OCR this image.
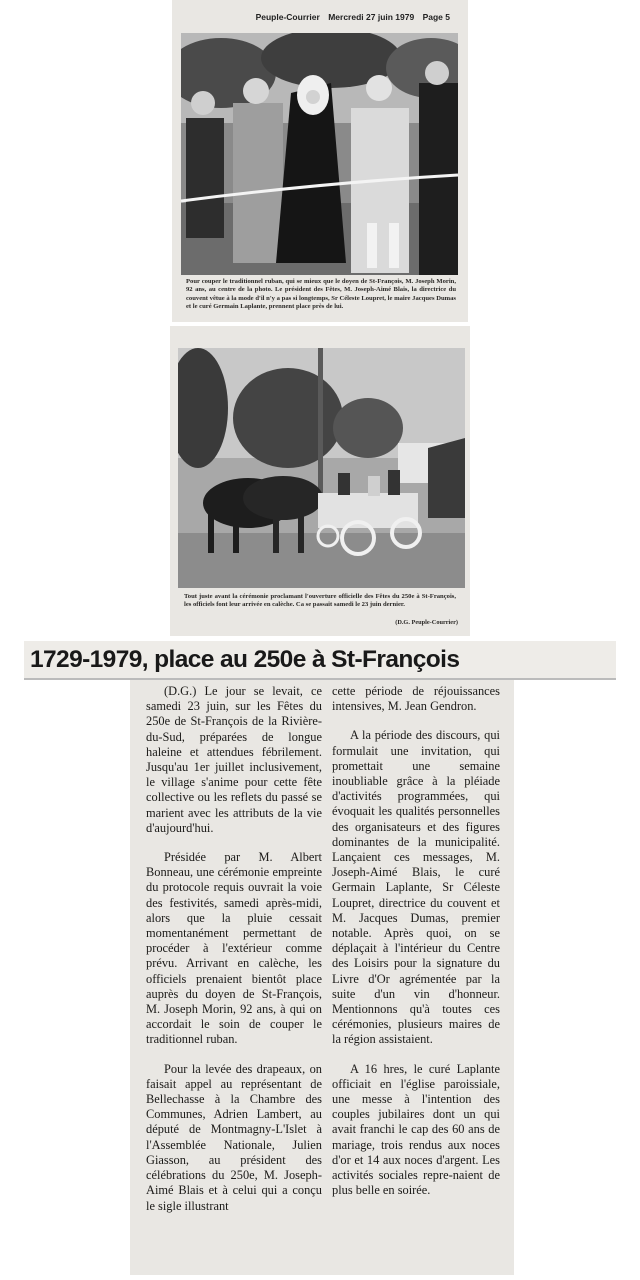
Peuple-Courrier Mercredi 27 juin 1979 Page 5
Pour couper le traditionnel ruban, qui se mieux que le doyen de St-François, M. Joseph Morin, 92 ans, au centre de la photo. Le président des Fêtes, M. Joseph-Aimé Blais, la directrice du couvent vêtue à la mode d'il n'y a pas si longtemps, Sr Céleste Loupret, le maire Jacques Dumas et le curé Germain Laplante, prennent place près de lui.
Tout juste avant la cérémonie proclamant l'ouverture officielle des Fêtes du 250e à St-François, les officiels font leur arrivée en calèche. Ca se passait samedi le 23 juin dernier.
(D.G. Peuple-Courrier)
1729-1979, place au 250e à St-François

(D.G.) Le jour se levait, ce samedi 23 juin, sur les Fêtes du 250e de St-François de la Rivière-du-Sud, préparées de longue haleine et attendues fébrilement. Jusqu'au 1er juillet inclusivement, le village s'anime pour cette fête collective ou les reflets du passé se marient avec les attributs de la vie d'aujourd'hui.

Présidée par M. Albert Bonneau, une cérémonie empreinte du protocole requis ouvrait la voie des festivités, samedi après-midi, alors que la pluie cessait momentanément permettant de procéder à l'extérieur comme prévu. Arrivant en calèche, les officiels prenaient bientôt place auprès du doyen de St-François, M. Joseph Morin, 92 ans, à qui on accordait le soin de couper le traditionnel ruban.

Pour la levée des drapeaux, on faisait appel au représentant de Bellechasse à la Chambre des Communes, Adrien Lambert, au député de Montmagny-L'Islet à l'Assemblée Nationale, Julien Giasson, au président des célébrations du 250e, M. Joseph-Aimé Blais et à celui qui a conçu le sigle illustrant

cette période de réjouissances intensives, M. Jean Gendron.

A la période des discours, qui formulait une invitation, qui promettait une semaine inoubliable grâce à la pléiade d'activités programmées, qui évoquait les qualités personnelles des organisateurs et des figures dominantes de la municipalité. Lançaient ces messages, M. Joseph-Aimé Blais, le curé Germain Laplante, Sr Céleste Loupret, directrice du couvent et M. Jacques Dumas, premier notable. Après quoi, on se déplaçait à l'intérieur du Centre des Loisirs pour la signature du Livre d'Or agrémentée par la suite d'un vin d'honneur. Mentionnons qu'à toutes ces cérémonies, plusieurs maires de la région assistaient.

A 16 hres, le curé Laplante officiait en l'église paroissiale, une messe à l'intention des couples jubilaires dont un qui avait franchi le cap des 60 ans de mariage, trois rendus aux noces d'or et 14 aux noces d'argent. Les activités sociales repre-naient de plus belle en soirée.
